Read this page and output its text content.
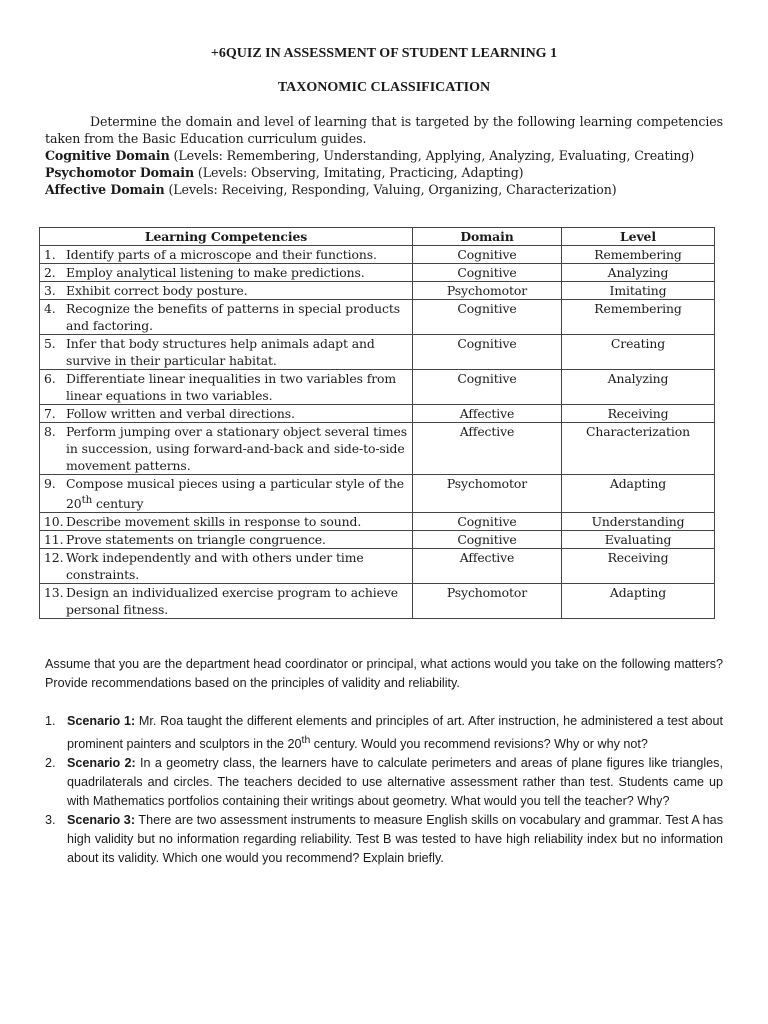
+6QUIZ IN ASSESSMENT OF STUDENT LEARNING 1
TAXONOMIC CLASSIFICATION

Determine the domain and level of learning that is targeted by the following learning competencies taken from the Basic Education curriculum guides.

Cognitive Domain (Levels: Remembering, Understanding, Applying, Analyzing, Evaluating, Creating)

Psychomotor Domain (Levels: Observing, Imitating, Practicing, Adapting)

Affective Domain (Levels: Receiving, Responding, Valuing, Organizing, Characterization)

Learning Competencies	Domain	Level

1. Identify parts of a microscope and their functions.	Cognitive	Remembering

2. Employ analytical listening to make predictions.	Cognitive	Analyzing

3. Exhibit correct body posture.	Psychomotor	Imitating

4. Recognize the benefits of patterns in special products and factoring.	Cognitive	Remembering

5. Infer that body structures help animals adapt and survive in their particular habitat.	Cognitive	Creating

6. Differentiate linear inequalities in two variables from linear equations in two variables.	Cognitive	Analyzing

7. Follow written and verbal directions.	Affective	Receiving

8. Perform jumping over a stationary object several times in succession, using forward-and-back and side-to-side movement patterns.	Affective	Characterization

9. Compose musical pieces using a particular style of the 20th century	Psychomotor	Adapting

10. Describe movement skills in response to sound.	Cognitive	Understanding

11. Prove statements on triangle congruence.	Cognitive	Evaluating

12. Work independently and with others under time constraints.	Affective	Receiving

13. Design an individualized exercise program to achieve personal fitness.	Psychomotor	Adapting

Assume that you are the department head coordinator or principal, what actions would you take on the following matters? Provide recommendations based on the principles of validity and reliability.

1. Scenario 1: Mr. Roa taught the different elements and principles of art. After instruction, he administered a test about prominent painters and sculptors in the 20th century. Would you recommend revisions? Why or why not?
2. Scenario 2: In a geometry class, the learners have to calculate perimeters and areas of plane figures like triangles, quadrilaterals and circles. The teachers decided to use alternative assessment rather than test. Students came up with Mathematics portfolios containing their writings about geometry. What would you tell the teacher? Why?
3. Scenario 3: There are two assessment instruments to measure English skills on vocabulary and grammar. Test A has high validity but no information regarding reliability. Test B was tested to have high reliability index but no information about its validity. Which one would you recommend? Explain briefly.
